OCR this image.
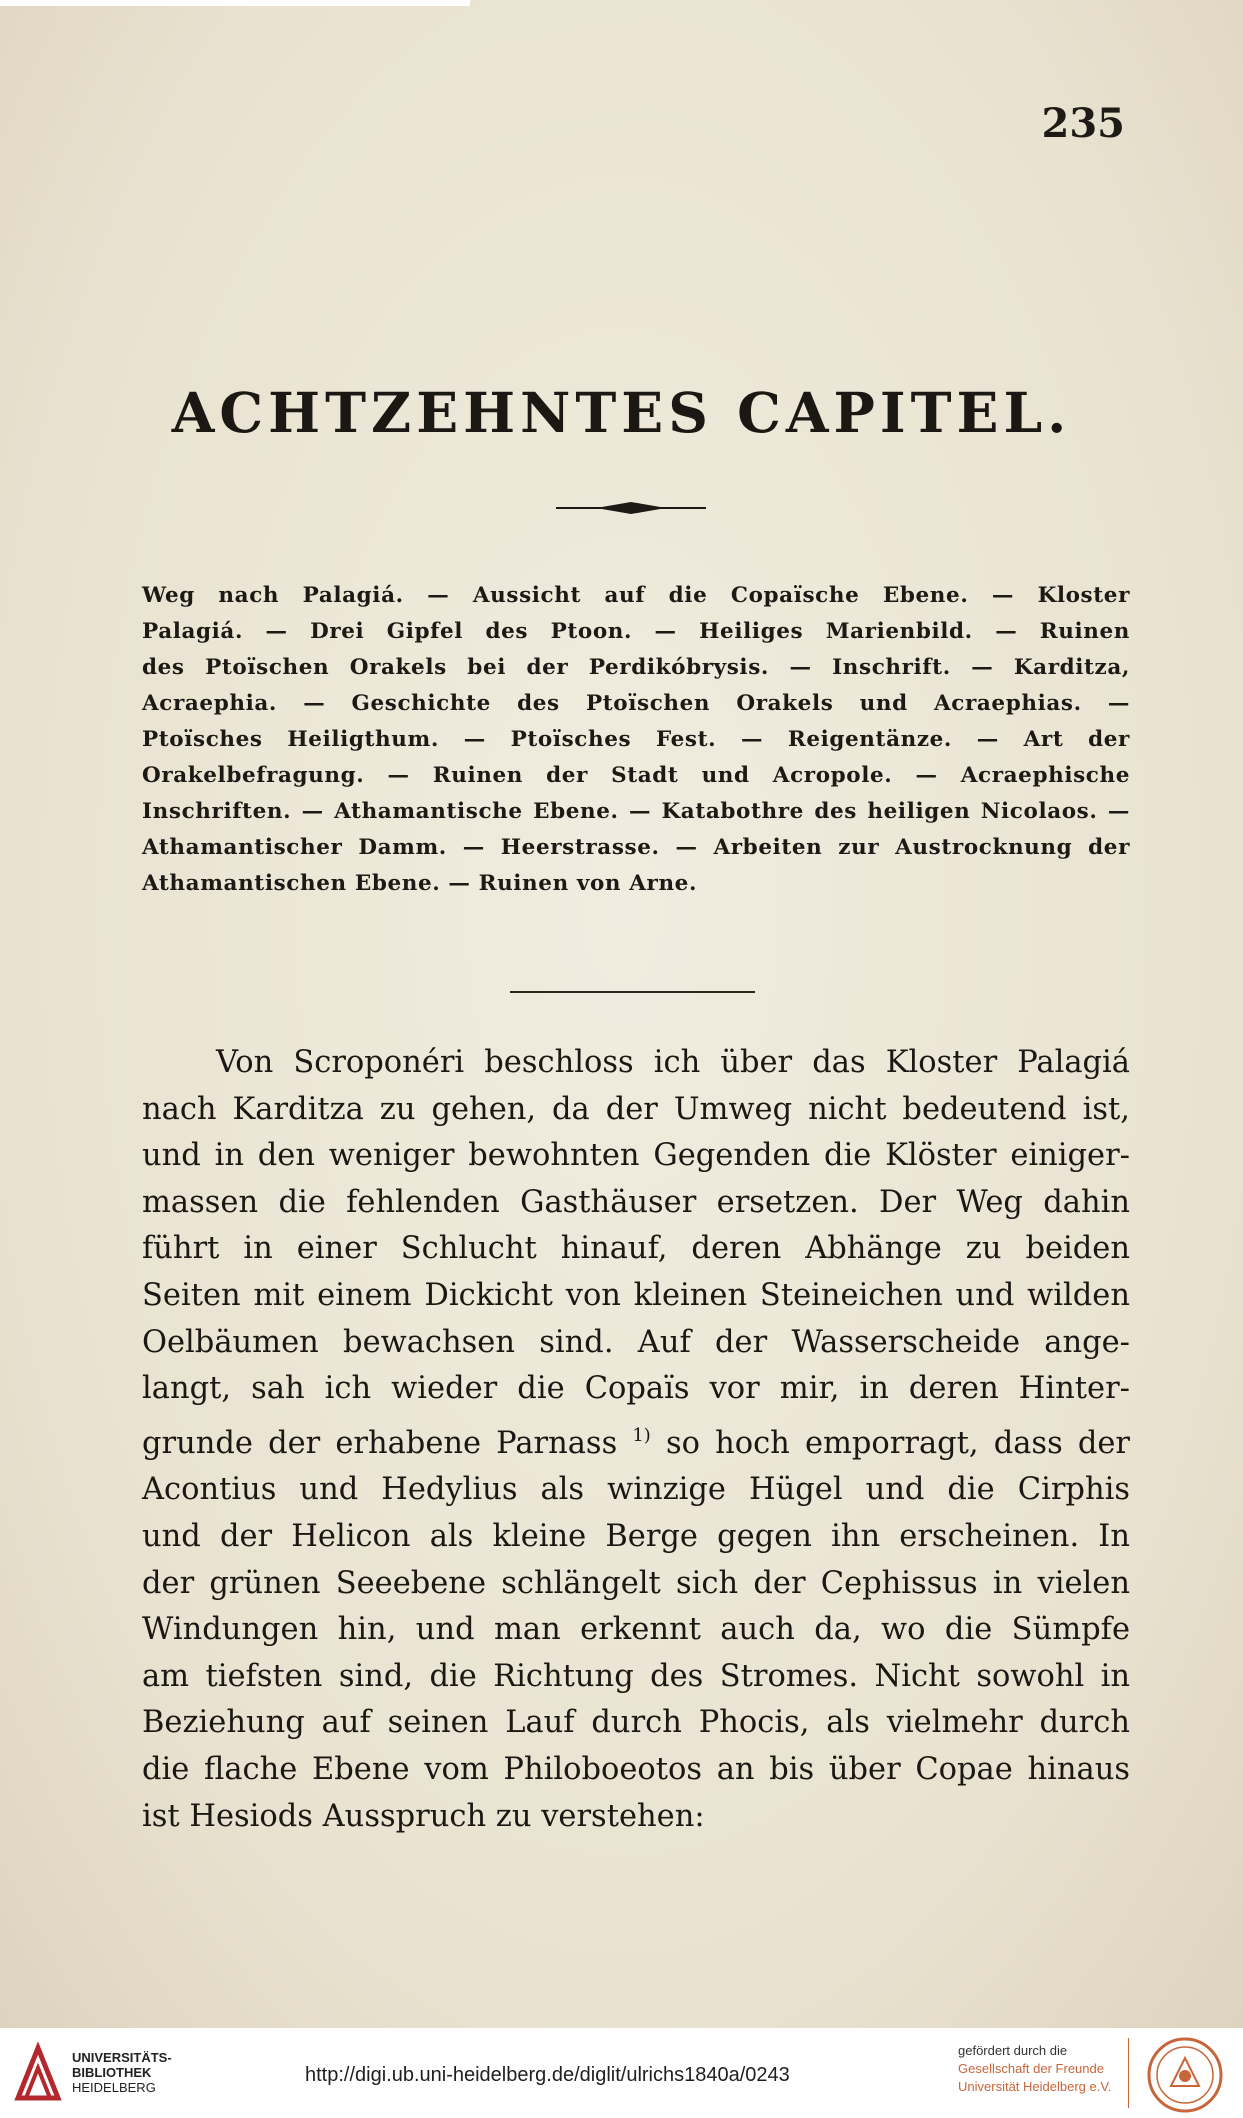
235
ACHTZEHNTES CAPITEL.
Weg nach Palagiá. — Aussicht auf die Copaïsche Ebene. — Kloster
Palagiá. — Drei Gipfel des Ptoon. — Heiliges Marienbild. — Ruinen
des Ptoïschen Orakels bei der Perdikóbrysis. — Inschrift. — Karditza,
Acraephia. — Geschichte des Ptoïschen Orakels und Acraephias. —
Ptoïsches Heiligthum. — Ptoïsches Fest. — Reigentänze. — Art der
Orakelbefragung. — Ruinen der Stadt und Acropole. — Acraephische
Inschriften. — Athamantische Ebene. — Katabothre des heiligen Nicolaos. —
Athamantischer Damm. — Heerstrasse. — Arbeiten zur Austrocknung der
Athamantischen Ebene. — Ruinen von Arne.
Von Scroponéri beschloss ich über das Kloster Palagiá
nach Karditza zu gehen, da der Umweg nicht bedeutend ist,
und in den weniger bewohnten Gegenden die Klöster einiger-
massen die fehlenden Gasthäuser ersetzen. Der Weg dahin
führt in einer Schlucht hinauf, deren Abhänge zu beiden
Seiten mit einem Dickicht von kleinen Steineichen und wilden
Oelbäumen bewachsen sind. Auf der Wasserscheide ange-
langt, sah ich wieder die Copaïs vor mir, in deren Hinter-
grunde der erhabene Parnass $^{1)}$ so hoch emporragt, dass der
Acontius und Hedylius als winzige Hügel und die Cirphis
und der Helicon als kleine Berge gegen ihn erscheinen. In
der grünen Seeebene schlängelt sich der Cephissus in vielen
Windungen hin, und man erkennt auch da, wo die Sümpfe
am tiefsten sind, die Richtung des Stromes. Nicht sowohl in
Beziehung auf seinen Lauf durch Phocis, als vielmehr durch
die flache Ebene vom Philoboeotos an bis über Copae hinaus
ist Hesiods Ausspruch zu verstehen:
UNIVERSITÄTS-
BIBLIOTHEK
HEIDELBERG
http://digi.ub.uni-heidelberg.de/diglit/ulrichs1840a/0243
gefördert durch die
Gesellschaft der Freunde
Universität Heidelberg e.V.
